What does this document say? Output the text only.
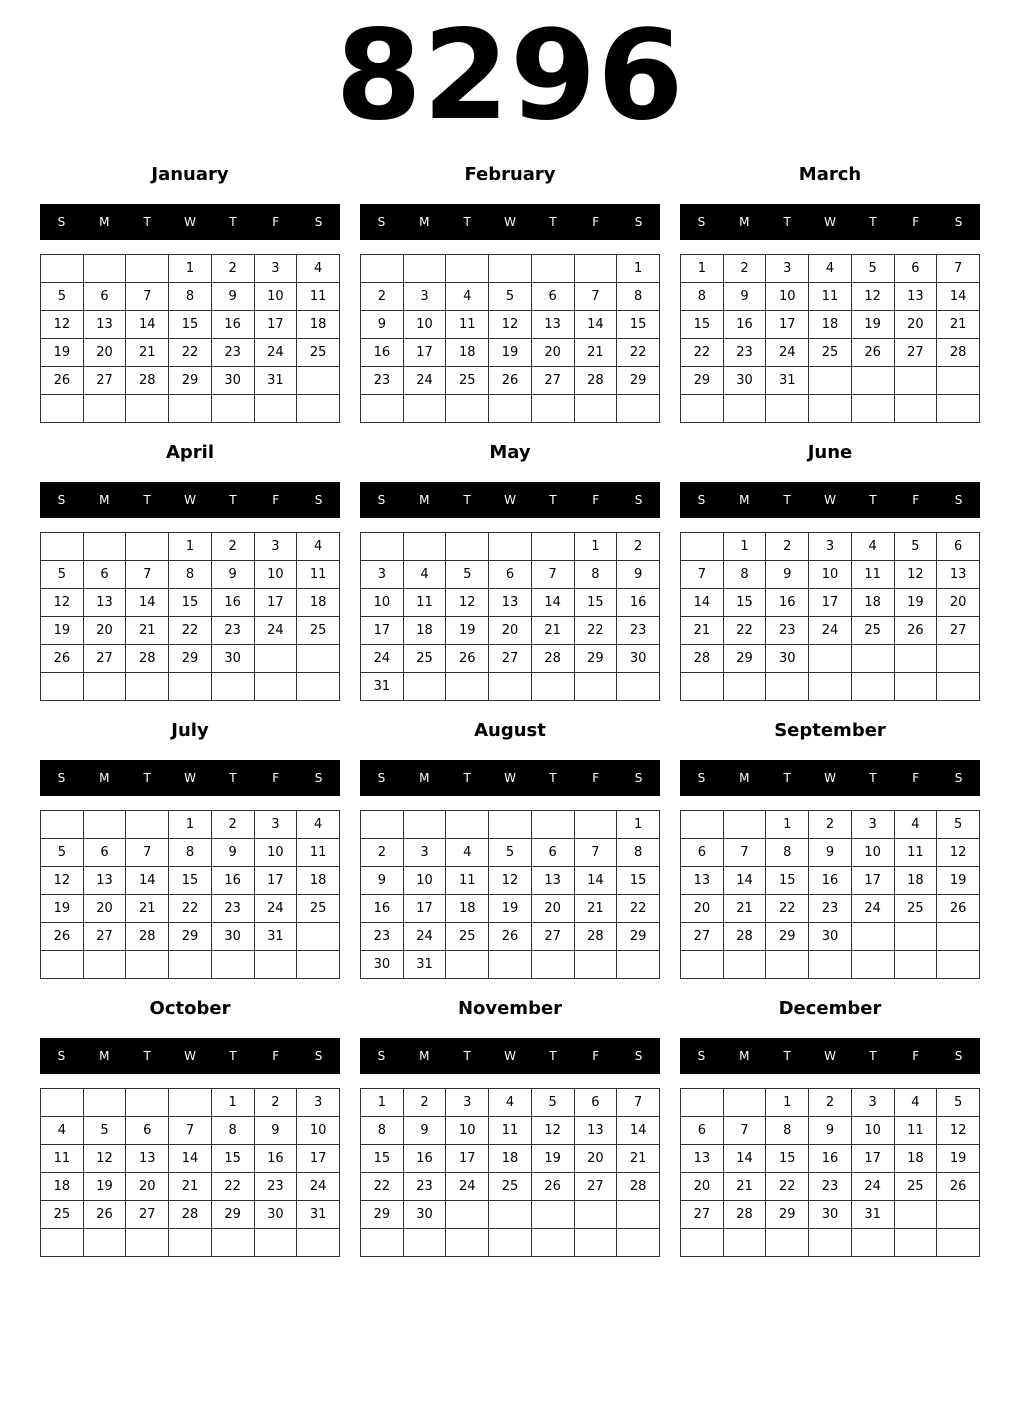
8296
January
S	M	T	W	T	F	S
			1	2	3	4
5	6	7	8	9	10	11
12	13	14	15	16	17	18
19	20	21	22	23	24	25
26	27	28	29	30	31	

February
S	M	T	W	T	F	S
						1
2	3	4	5	6	7	8
9	10	11	12	13	14	15
16	17	18	19	20	21	22
23	24	25	26	27	28	29

March
S	M	T	W	T	F	S
1	2	3	4	5	6	7
8	9	10	11	12	13	14
15	16	17	18	19	20	21
22	23	24	25	26	27	28
29	30	31				

April
S	M	T	W	T	F	S
			1	2	3	4
5	6	7	8	9	10	11
12	13	14	15	16	17	18
19	20	21	22	23	24	25
26	27	28	29	30		

May
S	M	T	W	T	F	S
					1	2
3	4	5	6	7	8	9
10	11	12	13	14	15	16
17	18	19	20	21	22	23
24	25	26	27	28	29	30
31						
June
S	M	T	W	T	F	S
	1	2	3	4	5	6
7	8	9	10	11	12	13
14	15	16	17	18	19	20
21	22	23	24	25	26	27
28	29	30				

July
S	M	T	W	T	F	S
			1	2	3	4
5	6	7	8	9	10	11
12	13	14	15	16	17	18
19	20	21	22	23	24	25
26	27	28	29	30	31	

August
S	M	T	W	T	F	S
						1
2	3	4	5	6	7	8
9	10	11	12	13	14	15
16	17	18	19	20	21	22
23	24	25	26	27	28	29
30	31					
September
S	M	T	W	T	F	S
		1	2	3	4	5
6	7	8	9	10	11	12
13	14	15	16	17	18	19
20	21	22	23	24	25	26
27	28	29	30			

October
S	M	T	W	T	F	S
				1	2	3
4	5	6	7	8	9	10
11	12	13	14	15	16	17
18	19	20	21	22	23	24
25	26	27	28	29	30	31

November
S	M	T	W	T	F	S
1	2	3	4	5	6	7
8	9	10	11	12	13	14
15	16	17	18	19	20	21
22	23	24	25	26	27	28
29	30					

December
S	M	T	W	T	F	S
		1	2	3	4	5
6	7	8	9	10	11	12
13	14	15	16	17	18	19
20	21	22	23	24	25	26
27	28	29	30	31		
